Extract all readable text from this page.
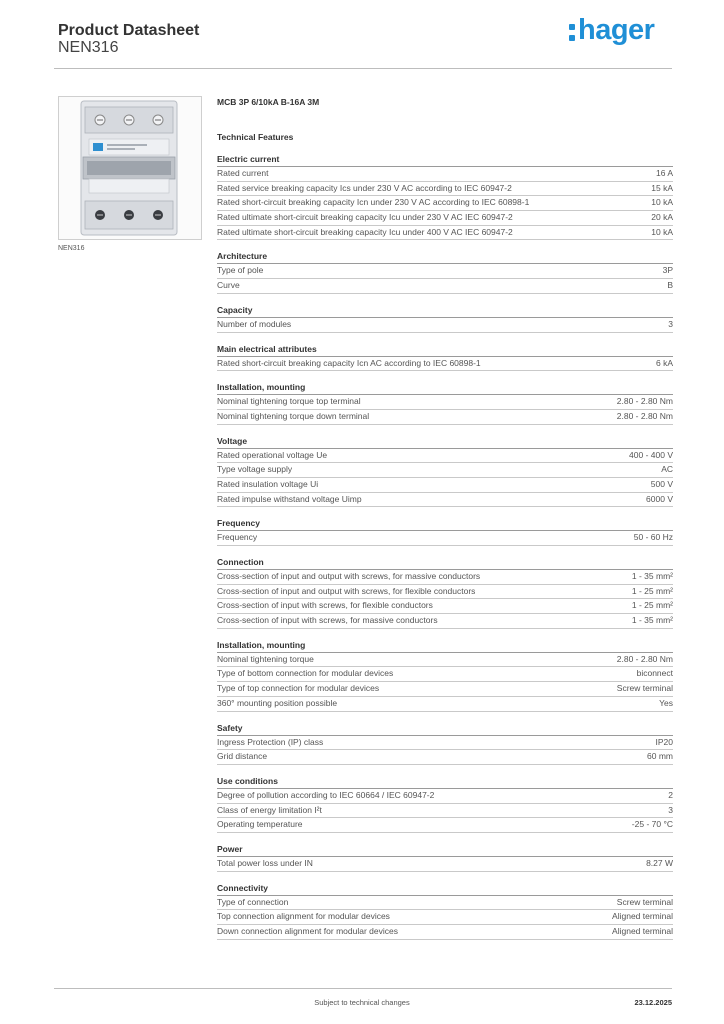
Product Datasheet
NEN316
hager
NEN316
MCB 3P 6/10kA B-16A 3M
Technical Features
Electric current
Rated current	16 A
Rated service breaking capacity Ics under 230 V AC according to IEC 60947-2	15 kA
Rated short-circuit breaking capacity Icn under 230 V AC according to IEC 60898-1	10 kA
Rated ultimate short-circuit breaking capacity Icu under 230 V AC IEC 60947-2	20 kA
Rated ultimate short-circuit breaking capacity Icu under 400 V AC IEC 60947-2	10 kA
Architecture
Type of pole	3P
Curve	B
Capacity
Number of modules	3
Main electrical attributes
Rated short-circuit breaking capacity Icn AC according to IEC 60898-1	6 kA
Installation, mounting
Nominal tightening torque top terminal	2.80 - 2.80 Nm
Nominal tightening torque down terminal	2.80 - 2.80 Nm
Voltage
Rated operational voltage Ue	400 - 400 V
Type voltage supply	AC
Rated insulation voltage Ui	500 V
Rated impulse withstand voltage Uimp	6000 V
Frequency
Frequency	50 - 60 Hz
Connection
Cross-section of input and output with screws, for massive conductors	1 - 35 mm²
Cross-section of input and output with screws, for flexible conductors	1 - 25 mm²
Cross-section of input with screws, for flexible conductors	1 - 25 mm²
Cross-section of input with screws, for massive conductors	1 - 35 mm²
Installation, mounting
Nominal tightening torque	2.80 - 2.80 Nm
Type of bottom connection for modular devices	biconnect
Type of top connection for modular devices	Screw terminal
360° mounting position possible	Yes
Safety
Ingress Protection (IP) class	IP20
Grid distance	60 mm
Use conditions
Degree of pollution according to IEC 60664 / IEC 60947-2	2
Class of energy limitation I²t	3
Operating temperature	-25 - 70 °C
Power
Total power loss under IN	8.27 W
Connectivity
Type of connection	Screw terminal
Top connection alignment for modular devices	Aligned terminal
Down connection alignment for modular devices	Aligned terminal
Subject to technical changes	23.12.2025
